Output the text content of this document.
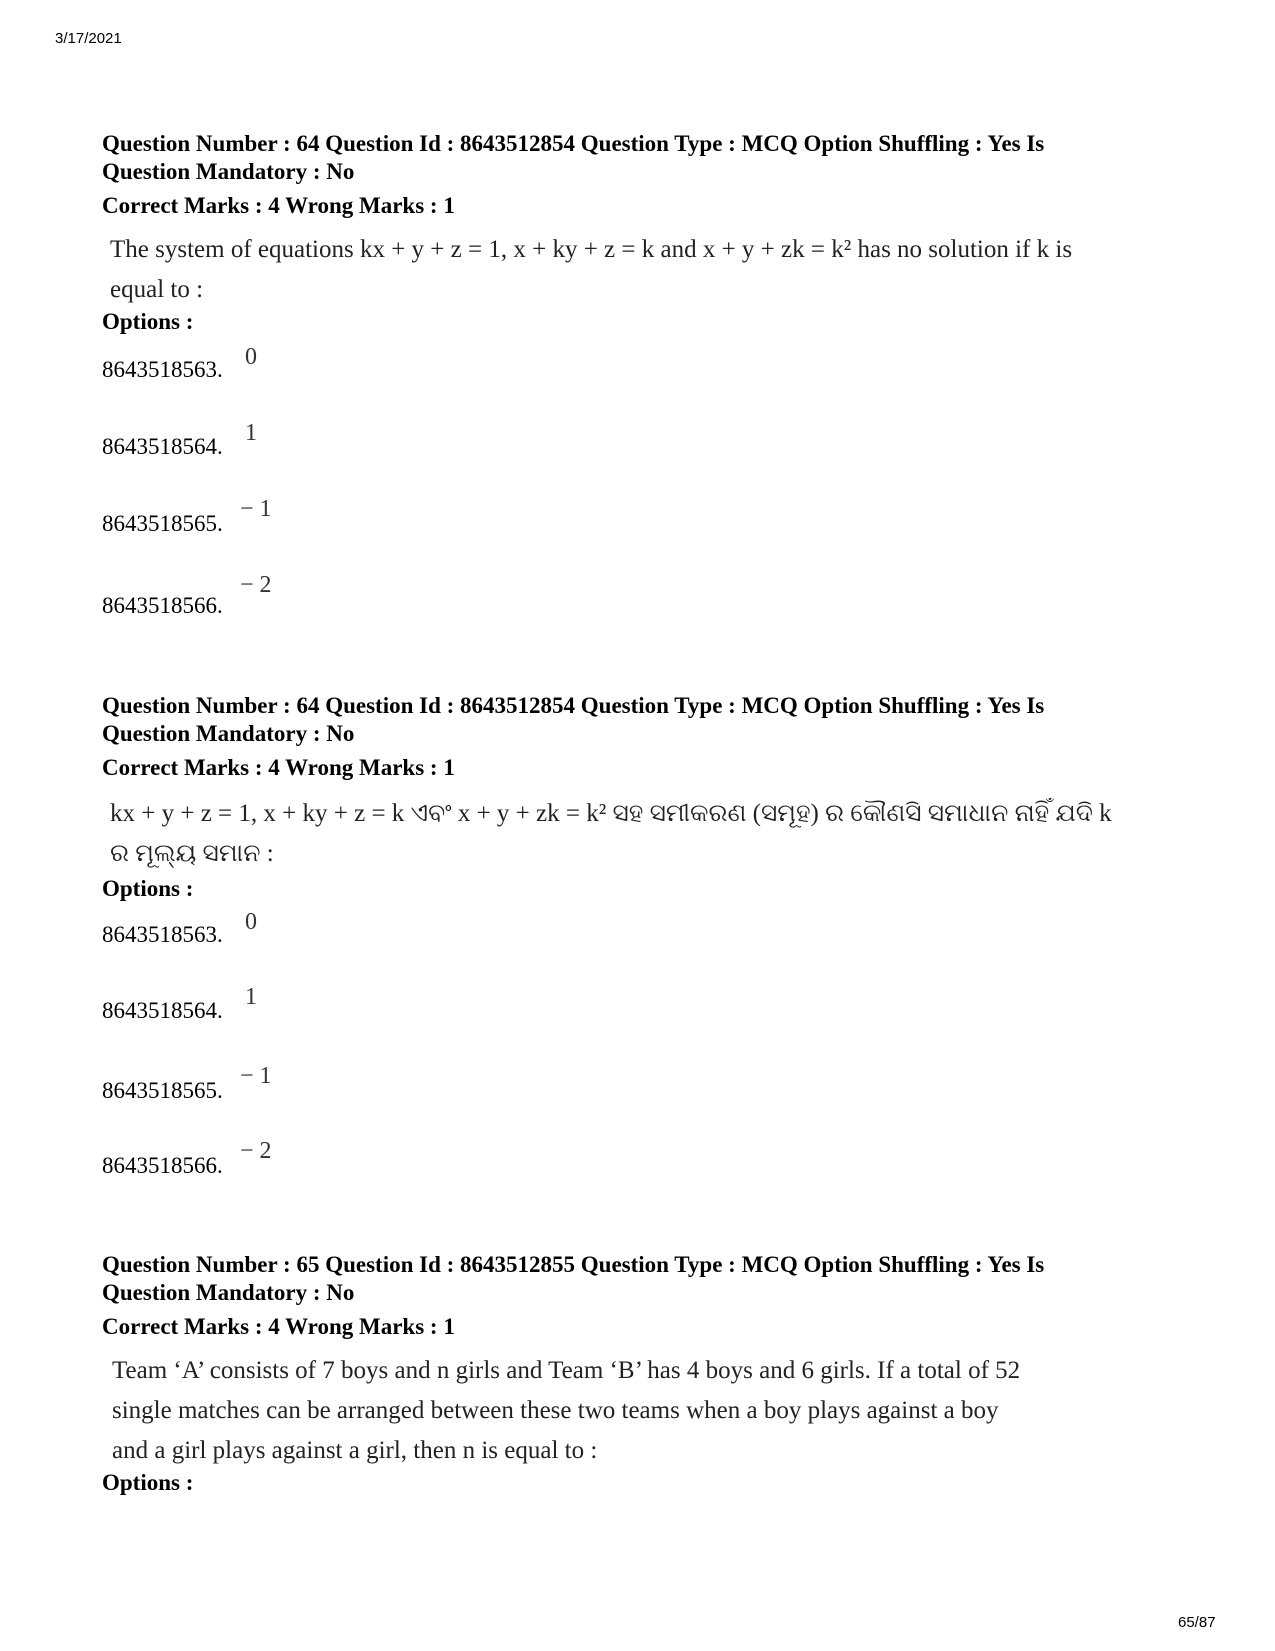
3/17/2021

Question Number : 64 Question Id : 8643512854 Question Type : MCQ Option Shuffling : Yes Is

Question Mandatory : No

Correct Marks : 4 Wrong Marks : 1

The system of equations kx + y + z = 1, x + ky + z = k and x + y + zk = k² has no solution if k is
equal to :
Options :
8643518563. 0
8643518564.
1
8643518565.
− 1
8643518566.
− 2

Question Number : 64 Question Id : 8643512854 Question Type : MCQ Option Shuffling : Yes Is

Question Mandatory : No

Correct Marks : 4 Wrong Marks : 1

kx + y + z = 1, x + ky + z = k ଏବଂ x + y + zk = k² ସହ ସମୀକରଣ (ସମୂହ) ର କୌଣସି ସମାଧାନ ନାହିଁ ଯଦି k
ର ମୂଲ୍ୟ ସମାନ :
Options :
8643518563. 0
8643518564.
1
8643518565.
− 1
8643518566.
− 2

Question Number : 65 Question Id : 8643512855 Question Type : MCQ Option Shuffling : Yes Is

Question Mandatory : No

Correct Marks : 4 Wrong Marks : 1

Team ‘A’ consists of 7 boys and n girls and Team ‘B’ has 4 boys and 6 girls. If a total of 52
single matches can be arranged between these two teams when a boy plays against a boy
and a girl plays against a girl, then n is equal to :
Options :
65/87
